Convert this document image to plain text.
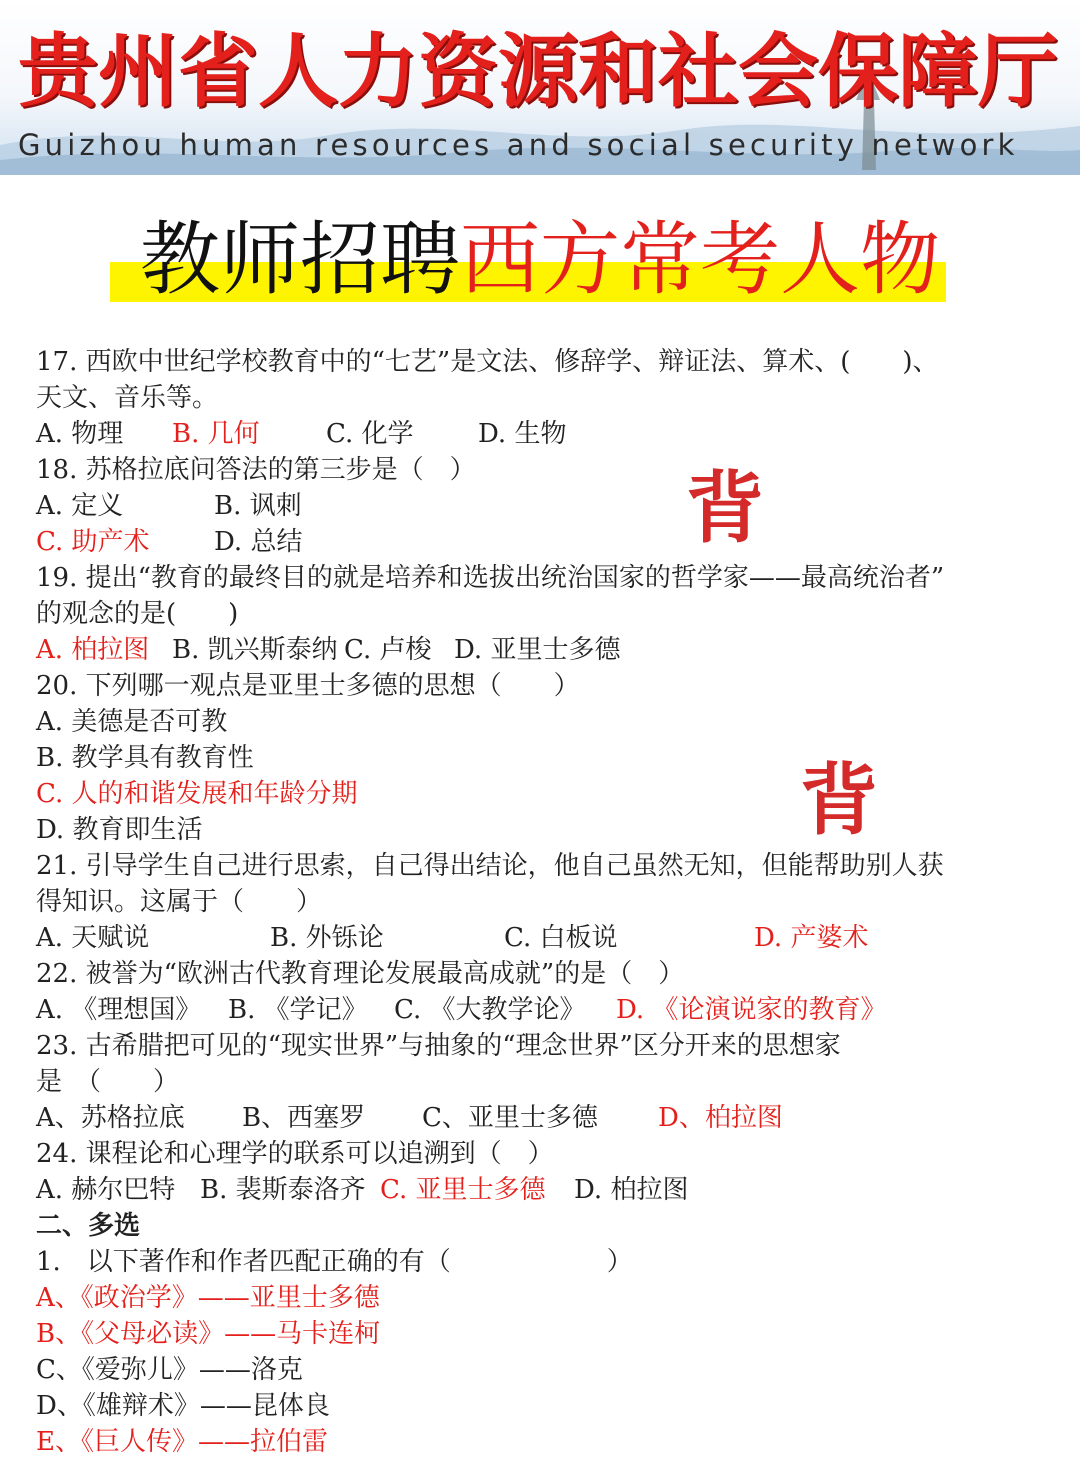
贵州省人力资源和社会保障厅
Guizhou human resources and social security network
教师招聘西方常考人物
背
背
17. 西欧中世纪学校教育中的“七艺”是文法、修辞学、辩证法、算术、(　　)、
天文、音乐等。
A. 物理 B. 几何	C. 化学 D. 生物
18. 苏格拉底问答法的第三步是（　）
A. 定义	B. 讽刺
C. 助产术 D. 总结
19. 提出“教育的最终目的就是培养和选拔出统治国家的哲学家——最高统治者”
的观念的是(　　)
A. 柏拉图 B. 凯兴斯泰纳 C. 卢梭 D. 亚里士多德
20. 下列哪一观点是亚里士多德的思想（　　）
A. 美德是否可教
B. 教学具有教育性
C. 人的和谐发展和年龄分期
D. 教育即生活
21. 引导学生自己进行思索，自己得出结论，他自己虽然无知，但能帮助别人获
得知识。这属于（　　）
A. 天赋说	B. 外铄论	C. 白板说	D. 产婆术
22. 被誉为“欧洲古代教育理论发展最高成就”的是（　）
A. 《理想国》 B. 《学记》 C. 《大教学论》 D. 《论演说家的教育》
23. 古希腊把可见的“现实世界”与抽象的“理念世界”区分开来的思想家
是　（　　）
A、苏格拉底 B、西塞罗 C、亚里士多德 D、柏拉图
24. 课程论和心理学的联系可以追溯到（　）
A. 赫尔巴特 B. 裴斯泰洛齐 C. 亚里士多德 D. 柏拉图
二、多选
1.　以下著作和作者匹配正确的有（　　　　　　）
A、《政治学》——亚里士多德
B、《父母必读》——马卡连柯
C、《爱弥儿》——洛克
D、《雄辩术》——昆体良
E、《巨人传》——拉伯雷
